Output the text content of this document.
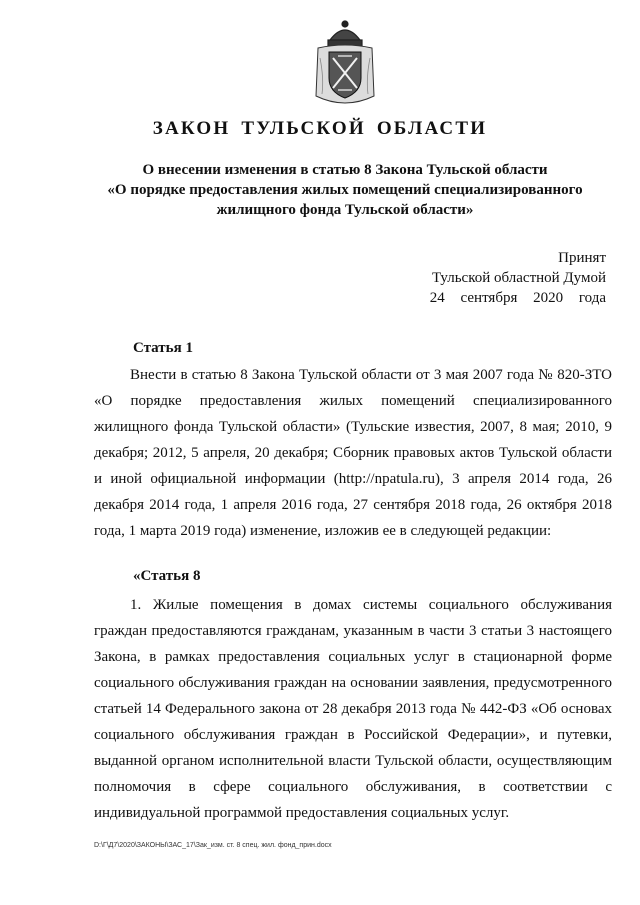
ЗАКОН ТУЛЬСКОЙ ОБЛАСТИ
О внесении изменения в статью 8 Закона Тульской области
«О порядке предоставления жилых помещений специализированного
жилищного фонда Тульской области»
Принят
Тульской областной Думой
24 сентября 2020 года
Статья 1

Внести в статью 8 Закона Тульской области от 3 мая 2007 года № 820-ЗТО «О порядке предоставления жилых помещений специализированного жилищного фонда Тульской области» (Тульские известия, 2007, 8 мая; 2010, 9 декабря; 2012, 5 апреля, 20 декабря; Сборник правовых актов Тульской области и иной официальной информации (http://npatula.ru), 3 апреля 2014 года, 26 декабря 2014 года, 1 апреля 2016 года, 27 сентября 2018 года, 26 октября 2018 года, 1 марта 2019 года) изменение, изложив ее в следующей редакции:

«Статья 8

1. Жилые помещения в домах системы социального обслуживания граждан предоставляются гражданам, указанным в части 3 статьи 3 настоящего Закона, в рамках предоставления социальных услуг в стационарной форме социального обслуживания граждан на основании заявления, предусмотренного статьей 14 Федерального закона от 28 декабря 2013 года № 442-ФЗ «Об основах социального обслуживания граждан в Российской Федерации», и путевки, выданной органом исполнительной власти Тульской области, осуществляющим полномочия в сфере социального обслуживания, в соответствии с индивидуальной программой предоставления социальных услуг.

D:\Г\Д7\2020\ЗАКОНЫ\ЗАС_17\Зак_изм. ст. 8 спец. жил. фонд_прин.docx
